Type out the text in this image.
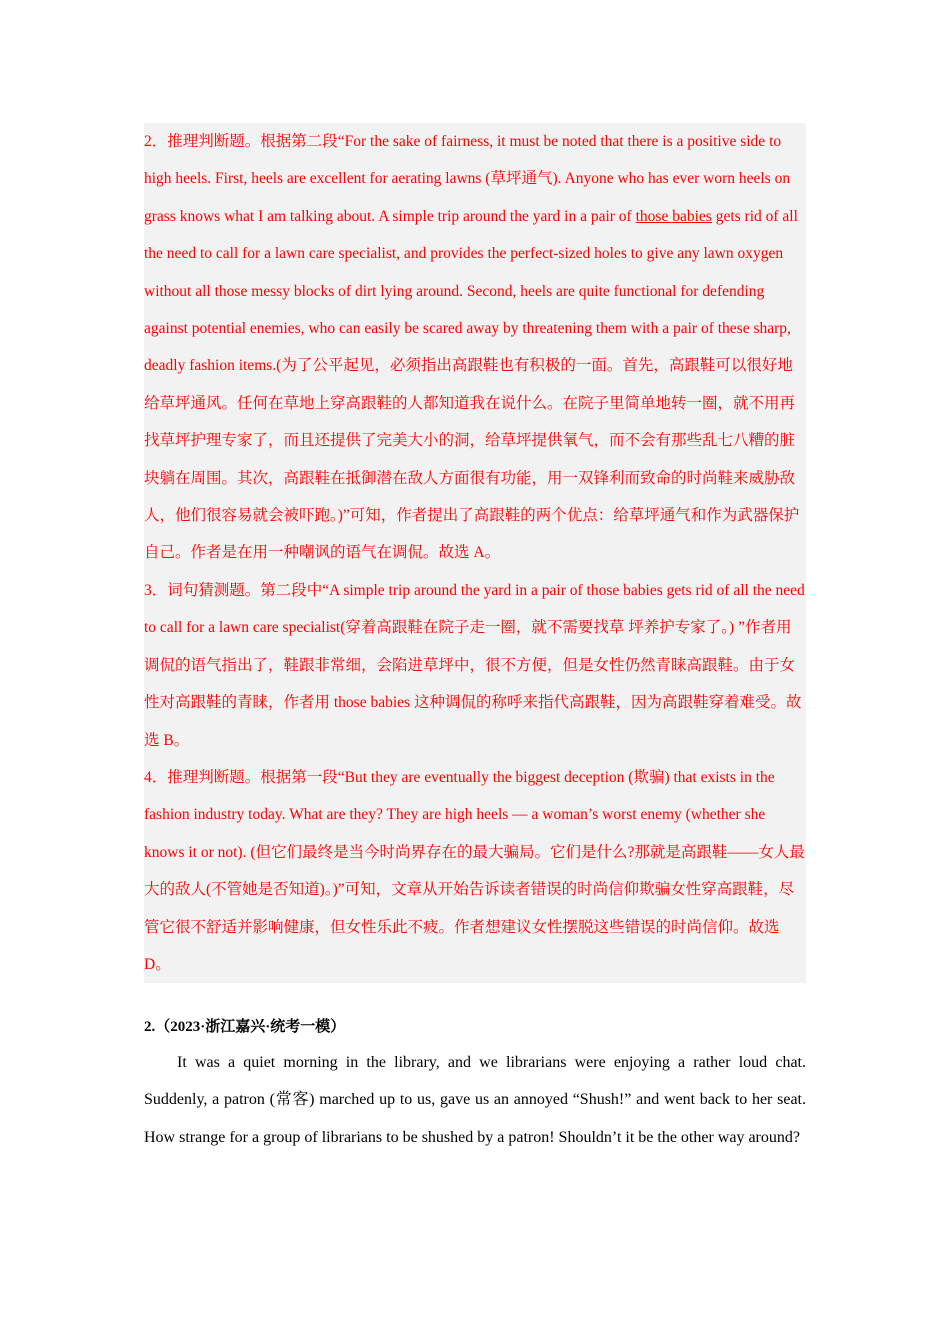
2．推理判断题。根据第二段“For the sake of fairness, it must be noted that there is a positive side to high heels. First, heels are excellent for aerating lawns (草坪通气). Anyone who has ever worn heels on grass knows what I am talking about. A simple trip around the yard in a pair of those babies gets rid of all the need to call for a lawn care specialist, and provides the perfect-sized holes to give any lawn oxygen without all those messy blocks of dirt lying around. Second, heels are quite functional for defending against potential enemies, who can easily be scared away by threatening them with a pair of these sharp, deadly fashion items.(为了公平起见，必须指出高跟鞋也有积极的一面。首先，高跟鞋可以很好地给草坪通风。任何在草地上穿高跟鞋的人都知道我在说什么。在院子里简单地转一圈，就不用再找草坪护理专家了，而且还提供了完美大小的洞，给草坪提供氧气，而不会有那些乱七八糟的脏块躺在周围。其次，高跟鞋在抵御潜在敌人方面很有功能，用一双锋利而致命的时尚鞋来威胁敌人，他们很容易就会被吓跑。)”可知，作者提出了高跟鞋的两个优点：给草坪通气和作为武器保护自己。作者是在用一种嘲讽的语气在调侃。故选 A。

3．词句猜测题。第二段中“A simple trip around the yard in a pair of those babies gets rid of all the need to call for a lawn care specialist(穿着高跟鞋在院子走一圈，就不需要找草 坪养护专家了。) ”作者用调侃的语气指出了，鞋跟非常细，会陷进草坪中，很不方便，但是女性仍然青睐高跟鞋。由于女性对高跟鞋的青睐，作者用 those babies 这种调侃的称呼来指代高跟鞋，因为高跟鞋穿着难受。故选 B。

4．推理判断题。根据第一段“But they are eventually the biggest deception (欺骗) that exists in the fashion industry today. What are they? They are high heels — a woman’s worst enemy (whether she knows it or not). (但它们最终是当今时尚界存在的最大骗局。它们是什么?那就是高跟鞋——女人最大的敌人(不管她是否知道)。)”可知，文章从开始告诉读者错误的时尚信仰欺骗女性穿高跟鞋，尽管它很不舒适并影响健康，但女性乐此不疲。作者想建议女性摆脱这些错误的时尚信仰。故选 D。

2.（2023·浙江嘉兴·统考一模）

It was a quiet morning in the library, and we librarians were enjoying a rather loud chat. Suddenly, a patron (常客) marched up to us, gave us an annoyed “Shush!” and went back to her seat. How strange for a group of librarians to be shushed by a patron! Shouldn’t it be the other way around?
